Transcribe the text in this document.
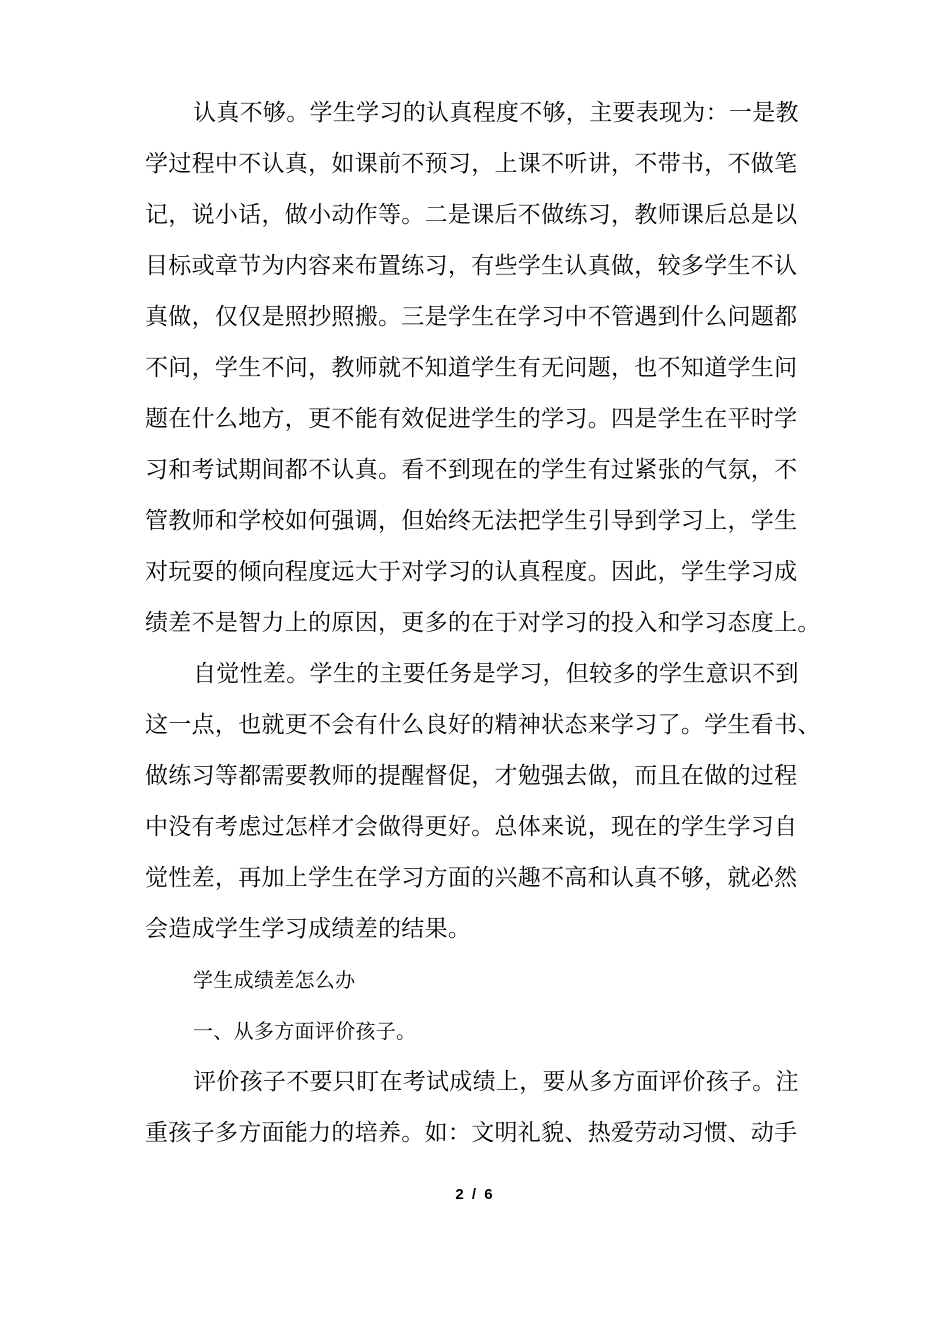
认真不够。学生学习的认真程度不够，主要表现为：一是教
学过程中不认真，如课前不预习，上课不听讲，不带书，不做笔
记，说小话，做小动作等。二是课后不做练习，教师课后总是以
目标或章节为内容来布置练习，有些学生认真做，较多学生不认
真做，仅仅是照抄照搬。三是学生在学习中不管遇到什么问题都
不问，学生不问，教师就不知道学生有无问题，也不知道学生问
题在什么地方，更不能有效促进学生的学习。四是学生在平时学
习和考试期间都不认真。看不到现在的学生有过紧张的气氛，不
管教师和学校如何强调，但始终无法把学生引导到学习上，学生
对玩耍的倾向程度远大于对学习的认真程度。因此，学生学习成
绩差不是智力上的原因，更多的在于对学习的投入和学习态度上。
自觉性差。学生的主要任务是学习，但较多的学生意识不到
这一点，也就更不会有什么良好的精神状态来学习了。学生看书、
做练习等都需要教师的提醒督促，才勉强去做，而且在做的过程
中没有考虑过怎样才会做得更好。总体来说，现在的学生学习自
觉性差，再加上学生在学习方面的兴趣不高和认真不够，就必然
会造成学生学习成绩差的结果。
学生成绩差怎么办
一、从多方面评价孩子。
评价孩子不要只盯在考试成绩上，要从多方面评价孩子。注
重孩子多方面能力的培养。如：文明礼貌、热爱劳动习惯、动手
2 / 6
